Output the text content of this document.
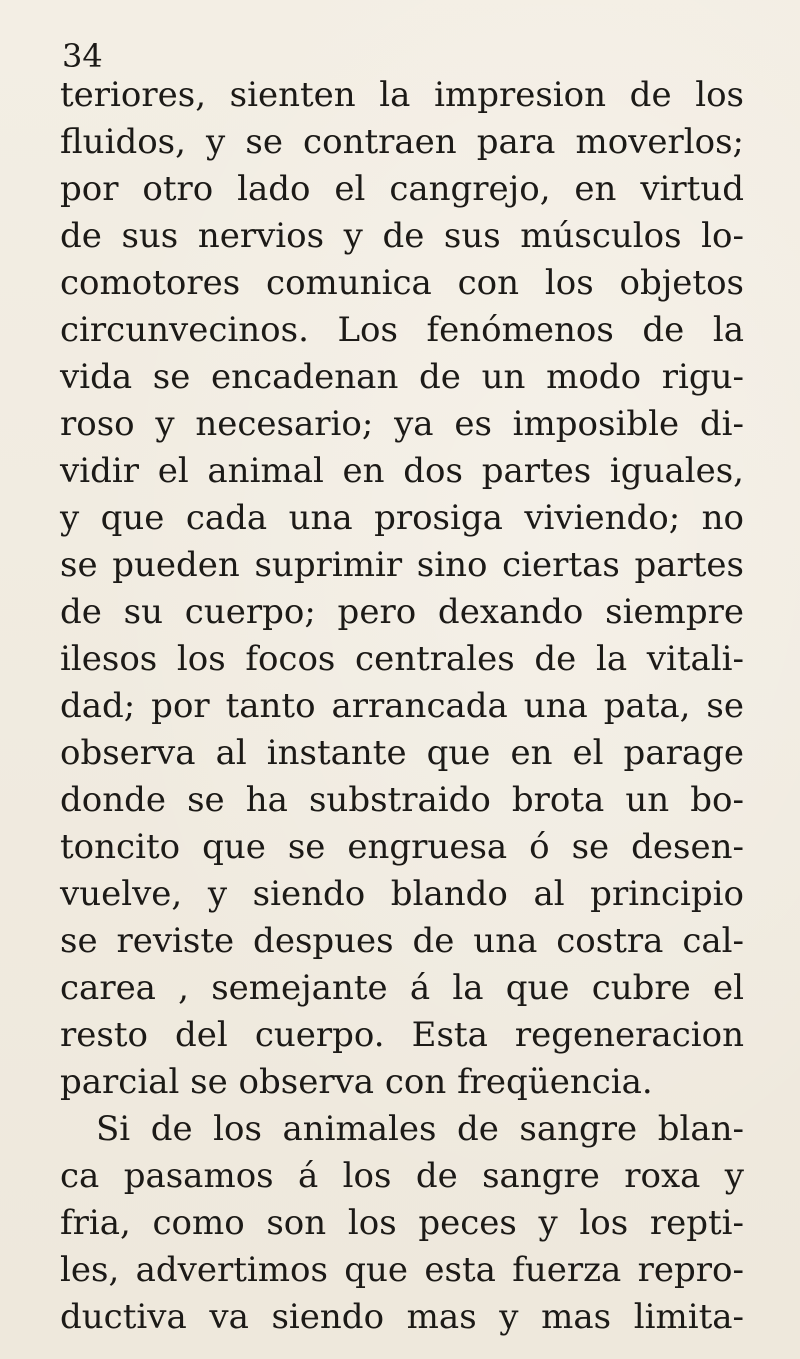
34
teriores, sienten la impresion de los
fluidos, y se contraen para moverlos;
por otro lado el cangrejo, en virtud
de sus nervios y de sus músculos lo-
comotores comunica con los objetos
circunvecinos. Los fenómenos de la
vida se encadenan de un modo rigu-
roso y necesario; ya es imposible di-
vidir el animal en dos partes iguales,
y que cada una prosiga viviendo; no
se pueden suprimir sino ciertas partes
de su cuerpo; pero dexando siempre
ilesos los focos centrales de la vitali-
dad; por tanto arrancada una pata, se
observa al instante que en el parage
donde se ha substraido brota un bo-
toncito que se engruesa ó se desen-
vuelve, y siendo blando al principio
se reviste despues de una costra cal-
carea , semejante á la que cubre el
resto del cuerpo. Esta regeneracion
parcial se observa con freqüencia.
Si de los animales de sangre blan-
ca pasamos á los de sangre roxa y
fria, como son los peces y los repti-
les, advertimos que esta fuerza repro-
ductiva va siendo mas y mas limita-
